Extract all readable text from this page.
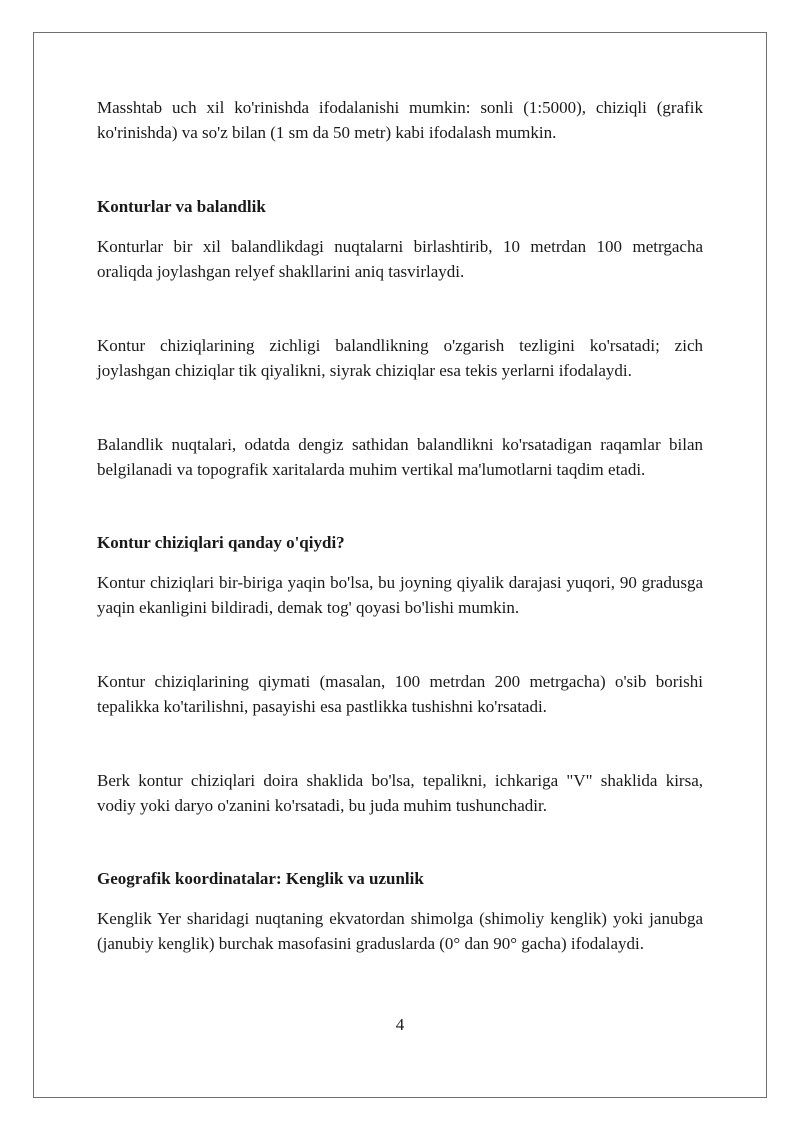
Masshtab uch xil ko'rinishda ifodalanishi mumkin: sonli (1:5000), chiziqli (grafik ko'rinishda) va so'z bilan (1 sm da 50 metr) kabi ifodalash mumkin.

Konturlar va balandlik

Konturlar bir xil balandlikdagi nuqtalarni birlashtirib, 10 metrdan 100 metrgacha oraliqda joylashgan relyef shakllarini aniq tasvirlaydi.

Kontur chiziqlarining zichligi balandlikning o'zgarish tezligini ko'rsatadi; zich joylashgan chiziqlar tik qiyalikni, siyrak chiziqlar esa tekis yerlarni ifodalaydi.

Balandlik nuqtalari, odatda dengiz sathidan balandlikni ko'rsatadigan raqamlar bilan belgilanadi va topografik xaritalarda muhim vertikal ma'lumotlarni taqdim etadi.

Kontur chiziqlari qanday o'qiydi?

Kontur chiziqlari bir-biriga yaqin bo'lsa, bu joyning qiyalik darajasi yuqori, 90 gradusga yaqin ekanligini bildiradi, demak tog' qoyasi bo'lishi mumkin.

Kontur chiziqlarining qiymati (masalan, 100 metrdan 200 metrgacha) o'sib borishi tepalikka ko'tarilishni, pasayishi esa pastlikka tushishni ko'rsatadi.

Berk kontur chiziqlari doira shaklida bo'lsa, tepalikni, ichkariga "V" shaklida kirsa, vodiy yoki daryo o'zanini ko'rsatadi, bu juda muhim tushunchadir.

Geografik koordinatalar: Kenglik va uzunlik

Kenglik Yer sharidagi nuqtaning ekvatordan shimolga (shimoliy kenglik) yoki janubga (janubiy kenglik) burchak masofasini graduslarda (0° dan 90° gacha) ifodalaydi.

4
